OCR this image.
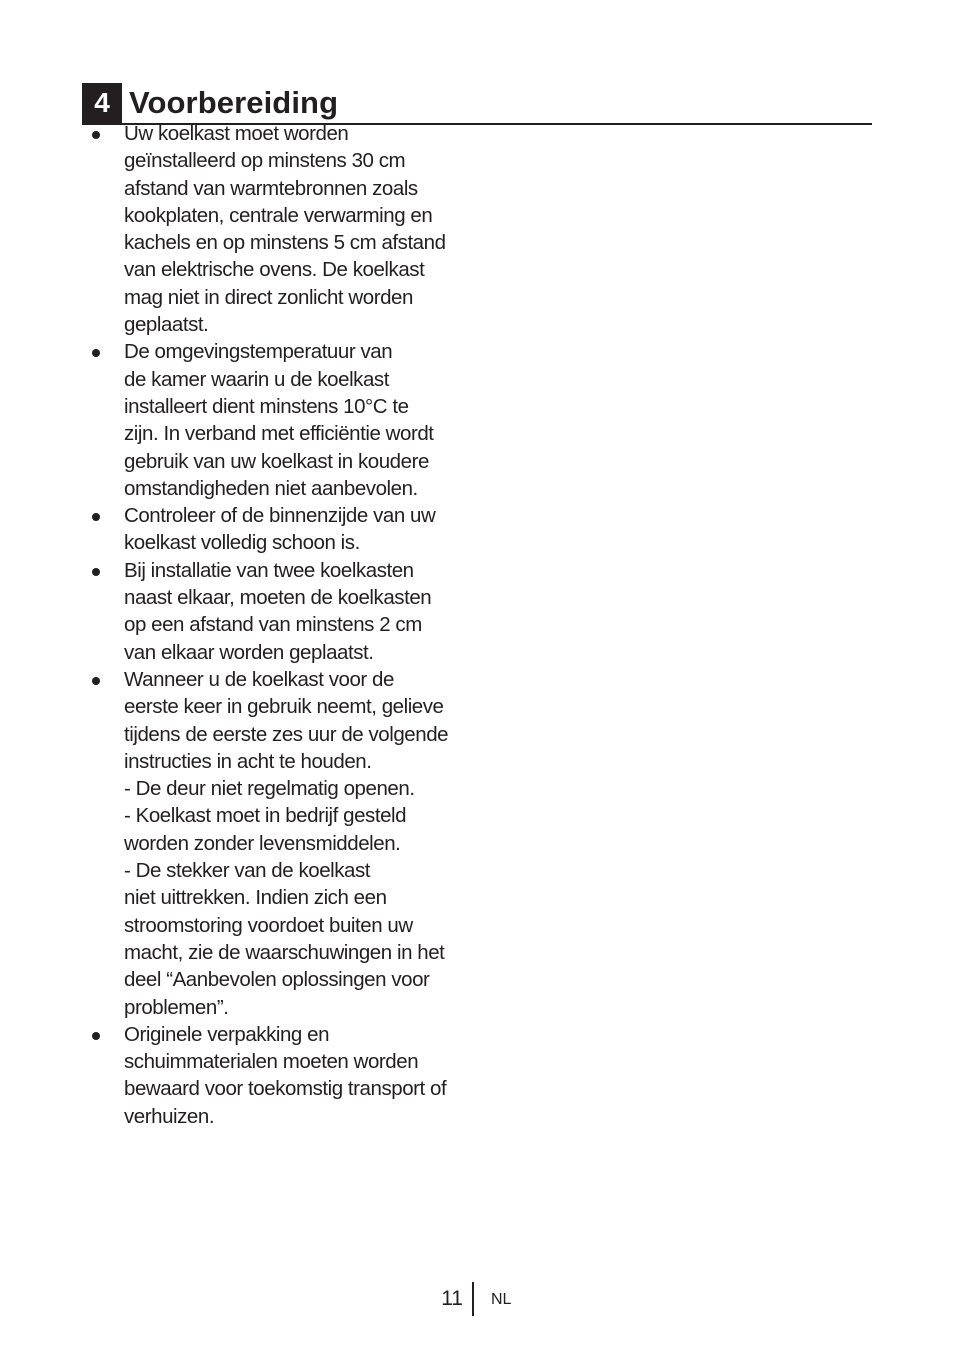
4 Voorbereiding
Uw koelkast moet worden
geïnstalleerd op minstens 30 cm
afstand van warmtebronnen zoals
kookplaten, centrale verwarming en
kachels en op minstens 5 cm afstand
van elektrische ovens. De koelkast
mag niet in direct zonlicht worden
geplaatst.
De omgevingstemperatuur van
de kamer waarin u de koelkast
installeert dient minstens 10°C te
zijn. In verband met efficiëntie wordt
gebruik van uw koelkast in koudere
omstandigheden niet aanbevolen.
Controleer of de binnenzijde van uw
koelkast volledig schoon is.
Bij installatie van twee koelkasten
naast elkaar, moeten de koelkasten
op een afstand van minstens 2 cm
van elkaar worden geplaatst.
Wanneer u de koelkast voor de
eerste keer in gebruik neemt, gelieve
tijdens de eerste zes uur de volgende
instructies in acht te houden.
- De deur niet regelmatig openen.
- Koelkast moet in bedrijf gesteld
worden zonder levensmiddelen.
- De stekker van de koelkast
niet uittrekken. Indien zich een
stroomstoring voordoet buiten uw
macht, zie de waarschuwingen in het
deel “Aanbevolen oplossingen voor
problemen”.
Originele verpakking en
schuimmaterialen moeten worden
bewaard voor toekomstig transport of
verhuizen.
11 NL
